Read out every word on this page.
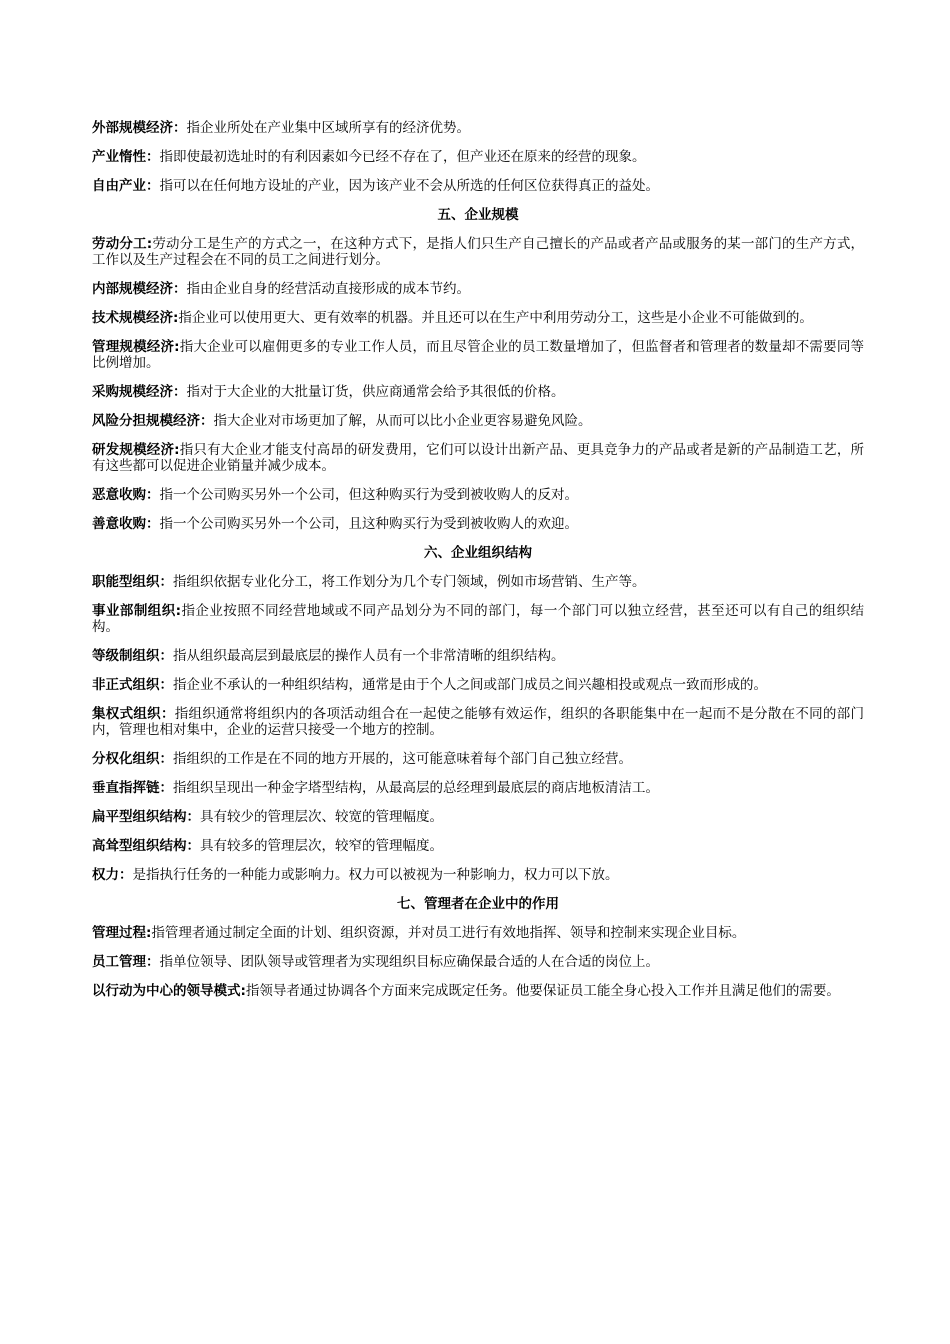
外部规模经济：指企业所处在产业集中区域所享有的经济优势。

产业惰性：指即使最初选址时的有利因素如今已经不存在了，但产业还在原来的经营的现象。

自由产业：指可以在任何地方设址的产业，因为该产业不会从所选的任何区位获得真正的益处。

五、企业规模

劳动分工:劳动分工是生产的方式之一，在这种方式下，是指人们只生产自己擅长的产品或者产品或服务的某一部门的生产方式，工作以及生产过程会在不同的员工之间进行划分。

内部规模经济：指由企业自身的经营活动直接形成的成本节约。

技术规模经济:指企业可以使用更大、更有效率的机器。并且还可以在生产中利用劳动分工，这些是小企业不可能做到的。

管理规模经济:指大企业可以雇佣更多的专业工作人员，而且尽管企业的员工数量增加了，但监督者和管理者的数量却不需要同等比例增加。

采购规模经济：指对于大企业的大批量订货，供应商通常会给予其很低的价格。

风险分担规模经济：指大企业对市场更加了解，从而可以比小企业更容易避免风险。

研发规模经济:指只有大企业才能支付高昂的研发费用，它们可以设计出新产品、更具竞争力的产品或者是新的产品制造工艺，所有这些都可以促进企业销量并减少成本。

恶意收购：指一个公司购买另外一个公司，但这种购买行为受到被收购人的反对。

善意收购：指一个公司购买另外一个公司，且这种购买行为受到被收购人的欢迎。

六、企业组织结构

职能型组织：指组织依据专业化分工，将工作划分为几个专门领域，例如市场营销、生产等。

事业部制组织:指企业按照不同经营地域或不同产品划分为不同的部门，每一个部门可以独立经营，甚至还可以有自己的组织结构。

等级制组织：指从组织最高层到最底层的操作人员有一个非常清晰的组织结构。

非正式组织：指企业不承认的一种组织结构，通常是由于个人之间或部门成员之间兴趣相投或观点一致而形成的。

集权式组织：指组织通常将组织内的各项活动组合在一起使之能够有效运作，组织的各职能集中在一起而不是分散在不同的部门内，管理也相对集中，企业的运营只接受一个地方的控制。

分权化组织：指组织的工作是在不同的地方开展的，这可能意味着每个部门自己独立经营。

垂直指挥链：指组织呈现出一种金字塔型结构，从最高层的总经理到最底层的商店地板清洁工。

扁平型组织结构：具有较少的管理层次、较宽的管理幅度。

高耸型组织结构：具有较多的管理层次，较窄的管理幅度。

权力：是指执行任务的一种能力或影响力。权力可以被视为一种影响力，权力可以下放。

七、管理者在企业中的作用

管理过程:指管理者通过制定全面的计划、组织资源，并对员工进行有效地指挥、领导和控制来实现企业目标。

员工管理：指单位领导、团队领导或管理者为实现组织目标应确保最合适的人在合适的岗位上。

以行动为中心的领导模式:指领导者通过协调各个方面来完成既定任务。他要保证员工能全身心投入工作并且满足他们的需要。
